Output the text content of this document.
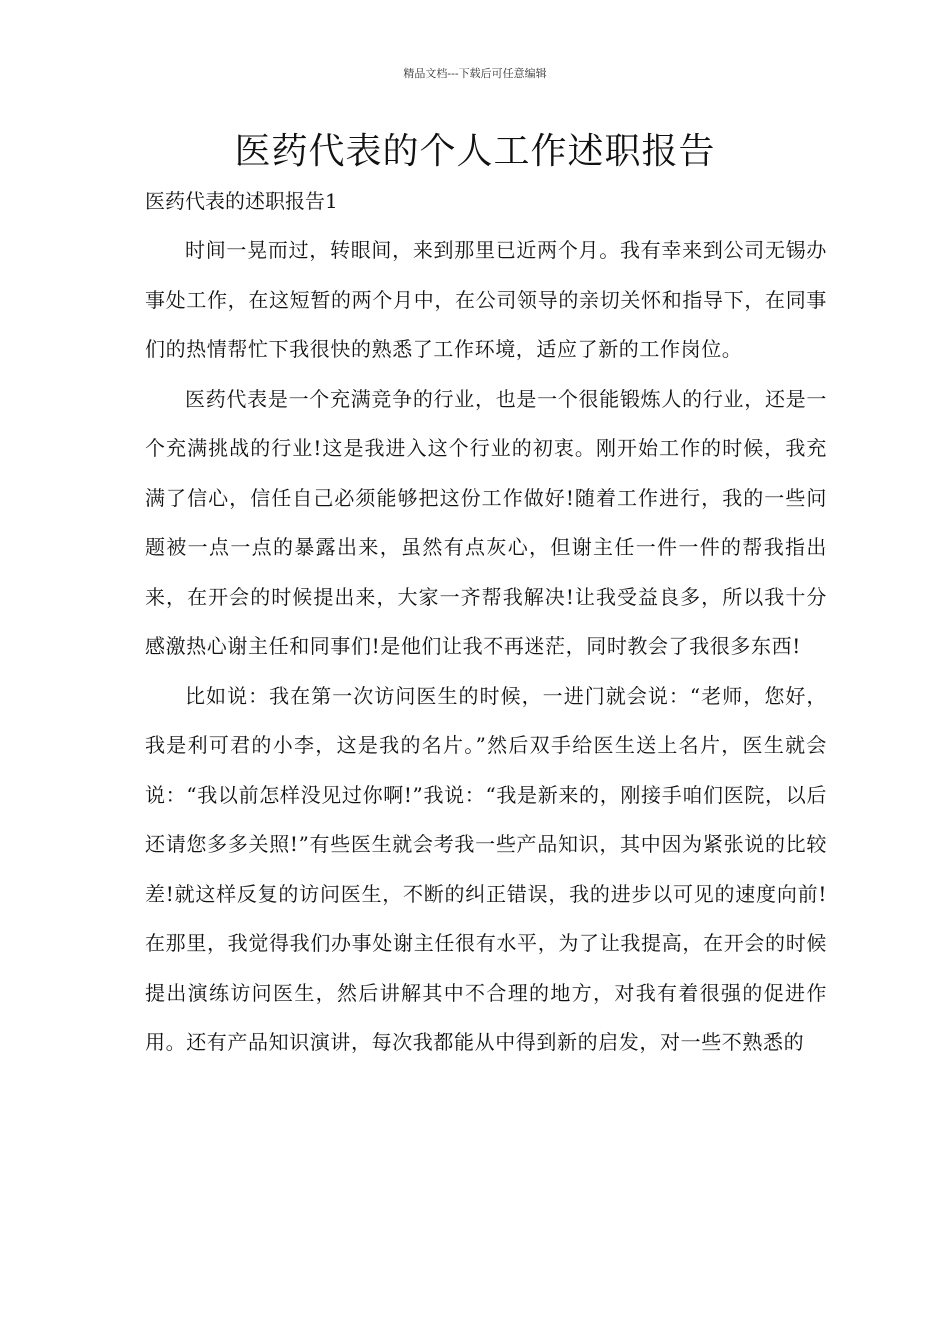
精品文档---下载后可任意编辑
医药代表的个人工作述职报告

医药代表的述职报告1

时间一晃而过，转眼间，来到那里已近两个月。我有幸来到公司无锡办事处工作，在这短暂的两个月中，在公司领导的亲切关怀和指导下，在同事们的热情帮忙下我很快的熟悉了工作环境，适应了新的工作岗位。

医药代表是一个充满竞争的行业，也是一个很能锻炼人的行业，还是一个充满挑战的行业!这是我进入这个行业的初衷。刚开始工作的时候，我充满了信心，信任自己必须能够把这份工作做好!随着工作进行，我的一些问题被一点一点的暴露出来，虽然有点灰心，但谢主任一件一件的帮我指出来，在开会的时候提出来，大家一齐帮我解决!让我受益良多，所以我十分感激热心谢主任和同事们!是他们让我不再迷茫，同时教会了我很多东西!

比如说：我在第一次访问医生的时候，一进门就会说：“老师，您好，我是利可君的小李，这是我的名片。”然后双手给医生送上名片，医生就会说：“我以前怎样没见过你啊!”我说：“我是新来的，刚接手咱们医院，以后还请您多多关照!”有些医生就会考我一些产品知识，其中因为紧张说的比较差!就这样反复的访问医生，不断的纠正错误，我的进步以可见的速度向前!在那里，我觉得我们办事处谢主任很有水平，为了让我提高，在开会的时候提出演练访问医生，然后讲解其中不合理的地方，对我有着很强的促进作用。还有产品知识演讲，每次我都能从中得到新的启发，对一些不熟悉的
